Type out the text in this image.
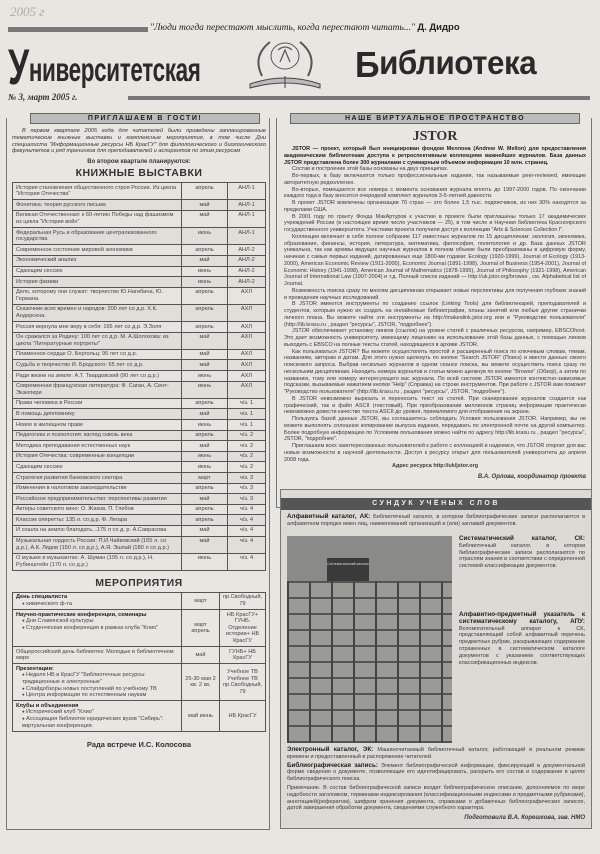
2005 г
"Люди тогда перестают мыслить, когда перестают читать..." Д. Дидро
Университетская	Библиотека
№ 3, март 2005 г.
ПРИГЛАШАЕМ В ГОСТИ!
В первом квартале 2005 года для читателей были проведены запланированные тематические книжные выставки и комплексные мероприятия, в том числе Дни специалиста "Информационные ресурсы НБ КрасГУ" для филологического и биологического факультетов и ряд тренингов для преподавателей и аспирантов по этим ресурсам
Во втором квартале планируются:
КНИЖНЫЕ ВЫСТАВКИ
История становления общественного строя России. Из цикла "История Отечества"	апрель	АНЛ-1
Фонетика: теория русского письма	май	АНЛ-1
Великая Отечественная: к 60-летию Победы над фашизмом из цикла "История войн"	май	АНЛ-1
Федеральная Русь и образование централизованного государства	июнь	АНЛ-1
Современное состояние мировой экономики	апрель	АНЛ-2
Экономический анализ	май	АНЛ-2
Сдающим сессию	июнь	АНЛ-2
История физики	июнь	АНЛ-2
Дело, которому они служат: творчество Ю.Нагибина, Ю. Германа.	апрель	АХЛ
Сказочник всех времен и народов: 200 лет со д.р. Х.К. Андерсена.	апрель	АХЛ
Россия вернула мне веру в себя: 165 лет со д.р. Э.Золя	апрель	АХЛ
Он сражался за Родину: 100 лет со д.р. М. А.Шолохова: из цикла "Литературные портреты"	май	АХЛ
Пламенное сердце О. Бергольц: 95 лет со д.р.	май	АХЛ
Судьба и творчество И. Бродского: 65 лет со д.р.	май	АХЛ
Ради жизни на земле: А.Т. Твардовский (90 лет со д.р.)	июнь	АХЛ
Современная французская литература: Ф. Саган, А. Сент-Экзюпери	июнь	АХЛ
Права человека в России	апрель	ч/з. 1
В помощь дипломнику	май	ч/з. 1
Новое в жилищном праве	июнь	ч/з. 1
Педагогика и психология: взгляд сквозь века	апрель	ч/з. 2
Методика преподавания естественных наук	май	ч/з. 2
История Отечества: современные концепции	июнь	ч/з. 2
Сдающим сессию	июнь	ч/з. 2
Стратегия развития банковского сектора	март	ч/з. 3
Изменения в налоговом законодательстве	апрель	ч/з. 3
Российское предпринимательство: перспективы развития	май	ч/з. 3
Актеры советского кино: О. Жаков, П. Глебов	апрель	ч/з. 4
Классик оперетты: 135 л. со д.р. Ф. Легара	апрель	ч/з. 4
И сошла на землю благодать...175 л со д. р. А.Саврасова	май	ч/з. 4
Музыкальная гордость России: П.И.Чайковский (165 л. со д.р.), А.К. Лядов (150 л. со д.р.), А.Я. Эшпай (180 л со д.р.)	май	ч/з. 4
О музыке и музыкантах: А. Шуман (195 л. со д.р.), Н. Рубинштейн (170 л. со д.р.)	июнь	ч/з. 4
МЕРОПРИЯТИЯ
День специалиста
● химического ф-та	март	пр.Свободный, 79
Научно-практические конференции, семинары
● Дни Славянской культуры
● Студенческая конференция в рамках клуба "Клио"	март апрель	НБ КрасГУ+ ГУНБ. Отделение истории+ НБ КрасГУ

Общероссийский день библиотек: Молодые в библиотечном мире	май	ГУНБ+ НБ КрасГУ
Презентации:
● Неделя НБ в КрасГУ "Библиотечные ресурсы: традиционные и электронные"
● Слайдобзоры новых поступлений по учебному ТВ
● Центра информации по естественным наукам	25-30 мая 2 кв. 2 кв.	Учебное ТВ Учебное ТВ пр.Свободный, 79
Клубы и объединения
● Исторический клуб "Клио"
● Ассоциация библиотек юридических вузов "Сибирь": виртуальная конференция.	май июнь	НБ КрасГУ
Рада встрече И.С. Колосова
НАШЕ ВИРТУАЛЬНОЕ ПРОСТРАНСТВО
JSTOR

JSTOR — проект, который был инициирован фондом Меллона (Andrew W. Mellon) для предоставления академическим библиотекам доступа к ретроспективным коллекциям важнейших журналов. База данных JSTOR представлена более 300 журналами с суммарным объемом информации 10 млн. страниц.

Состав и построение этой базы основаны на двух принципах.

Во-первых, в базу включаются только профессиональные издания, так называемые peer-reviewed, имеющие авторитетную редколлегию.

Во-вторых, помещаются все номера с момента основания журнала вплоть до 1997-2000 годов. По окончании каждого года в базу вносится очередной комплект журналов 3-5-летней давности.

В проект JSTOR вовлечены организации 70 стран — это более 1,5 тыс. подписчиков, из них 30% находятся за пределами США.

В 2001 году по гранту Фонда МакАртуров к участию в проекте были приглашены только 17 академических учреждений России (в настоящее время число участников — 25), в том числе и Научная библиотека Красноярского государственного университета. Участники проекта получили доступ к коллекции "Arts & Sciences Collection I".

Коллекция включает в себя полное собрание 117 известных журналов по 15 дисциплинам: экология, экономика, образование, финансы, история, литература, математика, философия, политология и др. База данных JSTOR уникальна, так как архивы ведущих научных журналов в полном объеме были преобразованы в цифровую форму, начиная с самых первых изданий, датированных еще 1800-ми годами: Ecology (1920-1999), Journal of Ecology (1913-2000), American Economic Review (1911-2000), Economic Journal (1891-1998), Journal of Business (1954-2001), Journal of Economic History (1941-1998), American Journal of Mathematics (1878-1995), Journal of Philosophy (1921-1998), American Journal of International Law (1907-2004) и т.д. Полный список изданий — http://uk.jstor.org/browse , см. Alphabetical list of Journal.

Возможность поиска сразу по многим дисциплинам открывает новые перспективы для получения глубоких знаний и проведения научных исследований.

В JSTOR имеются инструменты по созданию ссылок (Linking Tools) для библиотекарей, преподавателей и студентов, которым нужно их создать на онлайновые библиографии, планы занятий или любые другие странички личного плана. Вы можете найти эти инструменты на http://makealink.jstor.org или в "Руководстве пользователя" (http://lib.krasu.ru , раздел "ресурсы", JSTOR, "подробнее").

JSTOR обеспечивает установку линков (ссылок) на уровне статей с различных ресурсов, например, EBSCOhost. Это дает возможность университету, имеющему лицензию на использование этой базы данных, с помощью линков выходить с EBSCO на полные тексты статей, находящиеся в архиве JSTOR.

Как пользоваться JSTOR? Вы можете осуществлять простой и расширенный поиск по ключевым словам, темам, названиям, авторам и датам. Для этого нужно щелкнуть по кнопке "Search JSTOR" (Поиск) и ввести данные своего поискового запроса. Выбрав несколько журналов в одном сеансе поиска, вы можете осуществить поиск сразу по нескольким дисциплинам. Находить номера журналов и статьи можно щелкнув по кнопке "Browse" (Обзор), а затем по названию, тому или номеру интересующего вас журнала. По всей системе JSTOR имеются контекстно-зависимые подсказки, вызываемые нажатием кнопки "Help" (Справка) на строке инструментов. При работе с JSTOR вам поможет "Руководство пользователя" (http://lib.krasu.ru , раздел "ресурсы", JSTOR, "подробнее").

В JSTOR невозможно вырезать и переносить текст из статей. При сканировании журналов создается как графический, так и файл ASCII (текстовый). При преобразовании миллионов страниц информации практически невозможно довести качество текста ASCII до уровня, приемлемого для отображения на экране.

Пользуясь базой данных JSTOR, вы соглашаетесь соблюдать Условия пользования JSTOR. Например, вы не можете выполнять сплошное копирование выпуска издания, передавать по электронной почте на другой компьютер. Более подробную информацию по Условиям пользования можно найти по адресу http://lib.krasu.ru , раздел "ресурсы", JSTOR, "подробнее".

Приглашаем всех заинтересованных пользователей к работе с коллекцией и надеемся, что JSTOR откроет для вас новые возможности в научной деятельности. Доступ к ресурсу открыт для пользователей университета до апреля 2008 года.

Адрес ресурса http://uk/jstor.org

В.А. Орлова, координатор проекта

СУНДУК УЧЁНЫХ СЛОВ
Алфавитный каталог, АК: Библиотечный каталог, в котором библиографические записи располагаются в алфавитном порядке имен лиц, наименований организаций и (или) заглавий документов.
Систематический каталог
Систематический каталог, СК: Библиотечный каталог, в котором библиографические записи располагаются по отраслям знания в соответствии с определенной системой классификации документов.
Алфавитно-предметный указатель к систематическому каталогу, АПУ: Вспомогательный аппарат к СК, представляющий собой алфавитный перечень предметных рубрик, раскрывающих содержание отраженных в систематическом каталоге документов с указанием соответствующих классификационных индексов.
Электронный каталог, ЭК: Машиночитаемый библиотечный каталог, работающий в реальном режиме времени и предоставленный в распоряжение читателей.
Библиографическая запись: Элемент библиографической информации, фиксирующий в документальной форме сведения о документе, позволяющие его идентифицировать, раскрыть его состав и содержание в целях библиографического поиска.
Примечание. В состав библиографической записи входит библиографическое описание, дополняемое по мере надобности заголовком, терминами индексирования (классификационными индексами и предметными рубриками), аннотацией(рефератом), шифром хранения документа, справками о добавочных библиографических записях, датой завершения обработки документа, сведениями служебного характера.
Подготовила В.А. Корешкова, зав. НМО
